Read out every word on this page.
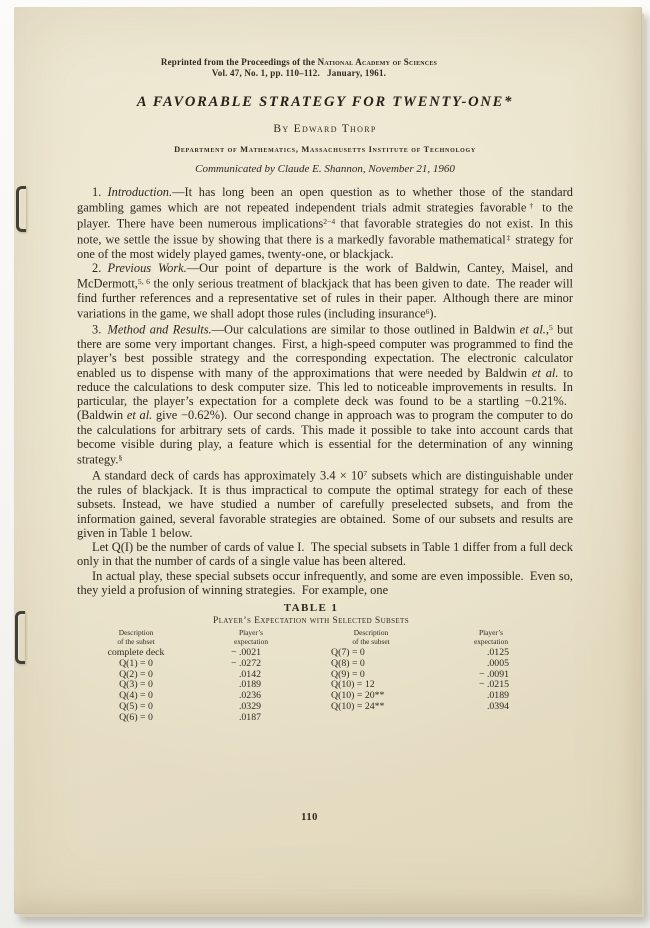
Reprinted from the Proceedings of the National Academy of Sciences
Vol. 47, No. 1, pp. 110–112.  January, 1961.
A FAVORABLE STRATEGY FOR TWENTY-ONE*
By Edward Thorp
Department of Mathematics, Massachusetts Institute of Technology
Communicated by Claude E. Shannon, November 21, 1960

1. Introduction.—It has long been an open question as to whether those of the standard gambling games which are not repeated independent trials admit strategies favorable† to the player. There have been numerous implications$^{2-4}$ that favorable strategies do not exist. In this note, we settle the issue by showing that there is a markedly favorable mathematical‡ strategy for one of the most widely played games, twenty-one, or blackjack.

2. Previous Work.—Our point of departure is the work of Baldwin, Cantey, Maisel, and McDermott,$^{5, 6}$ the only serious treatment of blackjack that has been given to date. The reader will find further references and a representative set of rules in their paper. Although there are minor variations in the game, we shall adopt those rules (including insurance$^6$).

3. Method and Results.—Our calculations are similar to those outlined in Baldwin et al.,$^5$ but there are some very important changes. First, a high-speed computer was programmed to find the player’s best possible strategy and the corresponding expectation. The electronic calculator enabled us to dispense with many of the approximations that were needed by Baldwin et al. to reduce the calculations to desk computer size. This led to noticeable improvements in results. In particular, the player’s expectation for a complete deck was found to be a startling −0.21%. (Baldwin et al. give −0.62%). Our second change in approach was to program the computer to do the calculations for arbitrary sets of cards. This made it possible to take into account cards that become visible during play, a feature which is essential for the determination of any winning strategy.§

A standard deck of cards has approximately $3.4 \times 10^7$ subsets which are distinguishable under the rules of blackjack. It is thus impractical to compute the optimal strategy for each of these subsets. Instead, we have studied a number of carefully preselected subsets, and from the information gained, several favorable strategies are obtained. Some of our subsets and results are given in Table 1 below.

Let Q(I) be the number of cards of value I. The special subsets in Table 1 differ from a full deck only in that the number of cards of a single value has been altered.

In actual play, these special subsets occur infrequently, and some are even impossible. Even so, they yield a profusion of winning strategies. For example, one

TABLE 1
Player’s Expectation with Selected Subsets
Description
of the subset
Player’s
expectation
Description
of the subset
Player’s
expectation
complete deck	− .0021	Q(7) = 0	.0125
Q(1) = 0	− .0272	Q(8) = 0	.0005
Q(2) = 0	.0142	Q(9) = 0	− .0091
Q(3) = 0	.0189	Q(10) = 12	− .0215
Q(4) = 0	.0236	Q(10) = 20**	.0189
Q(5) = 0	.0329	Q(10) = 24**	.0394
Q(6) = 0	.0187
110
